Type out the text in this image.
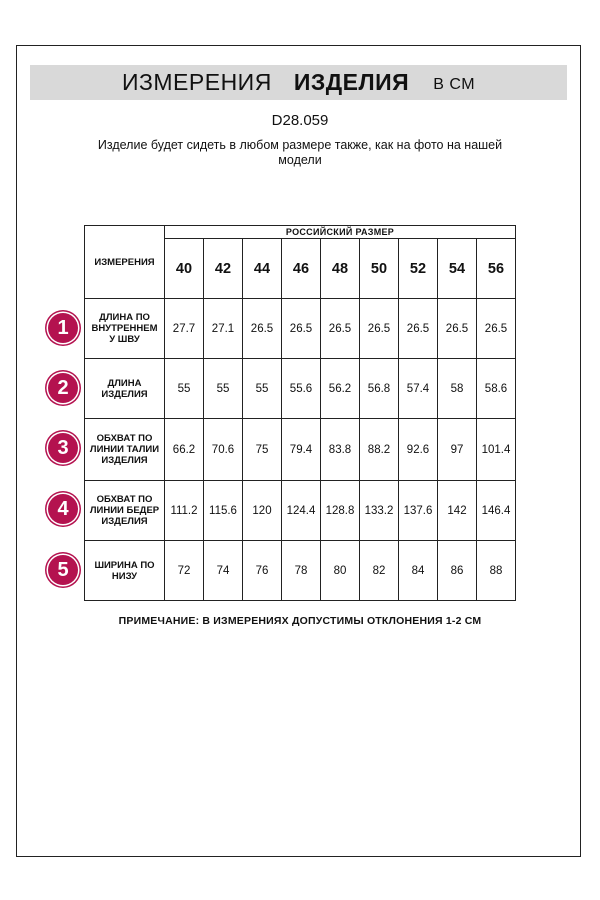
ИЗМЕРЕНИЯ ИЗДЕЛИЯ В СМ
D28.059
Изделие будет сидеть в любом размере также, как на фото на нашей модели
ИЗМЕРЕНИЯ	РОССИЙСКИЙ РАЗМЕР								
	40	42	44	46	48	50	52	54	56

ДЛИНА ПО
ВНУТРЕННЕМ
У ШВУ	27.7	27.1	26.5	26.5	26.5	26.5	26.5	26.5	26.5

ДЛИНА
ИЗДЕЛИЯ	55	55	55	55.6	56.2	56.8	57.4	58	58.6

ОБХВАТ ПО
ЛИНИИ ТАЛИИ
ИЗДЕЛИЯ	66.2	70.6	75	79.4	83.8	88.2	92.6	97	101.4

ОБХВАТ ПО
ЛИНИИ БЕДЕР
ИЗДЕЛИЯ	111.2	115.6	120	124.4	128.8	133.2	137.6	142	146.4

ШИРИНА ПО
НИЗУ	72	74	76	78	80	82	84	86	88
1
2
3
4
5
ПРИМЕЧАНИЕ: В ИЗМЕРЕНИЯХ ДОПУСТИМЫ ОТКЛОНЕНИЯ 1-2 СМ
